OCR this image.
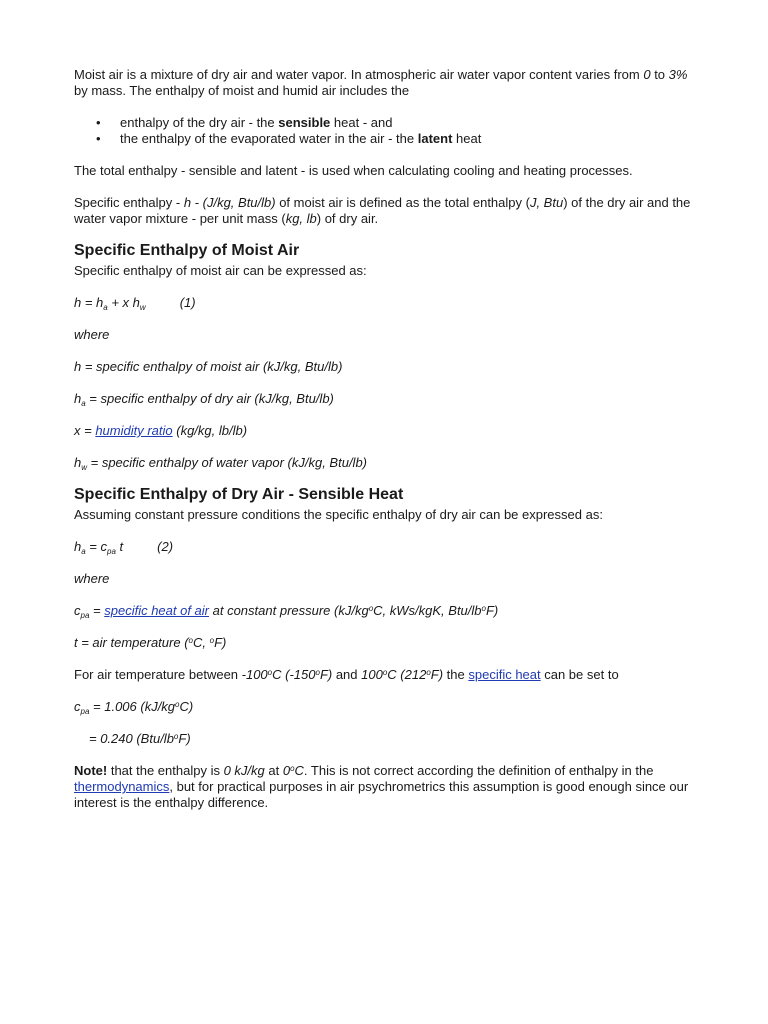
Moist air is a mixture of dry air and water vapor. In atmospheric air water vapor content varies from 0 to 3% by mass. The enthalpy of moist and humid air includes the

• enthalpy of the dry air - the sensible heat - and
• the enthalpy of the evaporated water in the air - the latent heat

The total enthalpy - sensible and latent - is used when calculating cooling and heating processes.

Specific enthalpy - h - (J/kg, Btu/lb) of moist air is defined as the total enthalpy (J, Btu) of the dry air and the water vapor mixture - per unit mass (kg, lb) of dry air.

Specific Enthalpy of Moist Air

Specific enthalpy of moist air can be expressed as:

$h = h_a + x$ $h_w$	(1)

where

h = specific enthalpy of moist air (kJ/kg, Btu/lb)

$h_a$ = specific enthalpy of dry air (kJ/kg, Btu/lb)

x = humidity ratio (kg/kg, lb/lb)

$h_w$ = specific enthalpy of water vapor (kJ/kg, Btu/lb)

Specific Enthalpy of Dry Air - Sensible Heat

Assuming constant pressure conditions the specific enthalpy of dry air can be expressed as:

$h_a = c_{pa}$ t	(2)

where

$c_{pa}$ = specific heat of air at constant pressure ($kJ/kg^oC$, kWs/kgK, Btu/$lb^oF$)

t = air temperature ($^o$C, $^o$F)

For air temperature between -100$^o$C (-150$^o$F) and 100$^o$C (212$^o$F) the specific heat can be set to

$c_{pa} = 1.006$ $(kJ/kg^oC)$

= 0.240 $(Btu/lb^oF)$

Note! that the enthalpy is 0 kJ/kg at 0$^o$C. This is not correct according the definition of enthalpy in the thermodynamics, but for practical purposes in air psychrometrics this assumption is good enough since our interest is the enthalpy difference.
